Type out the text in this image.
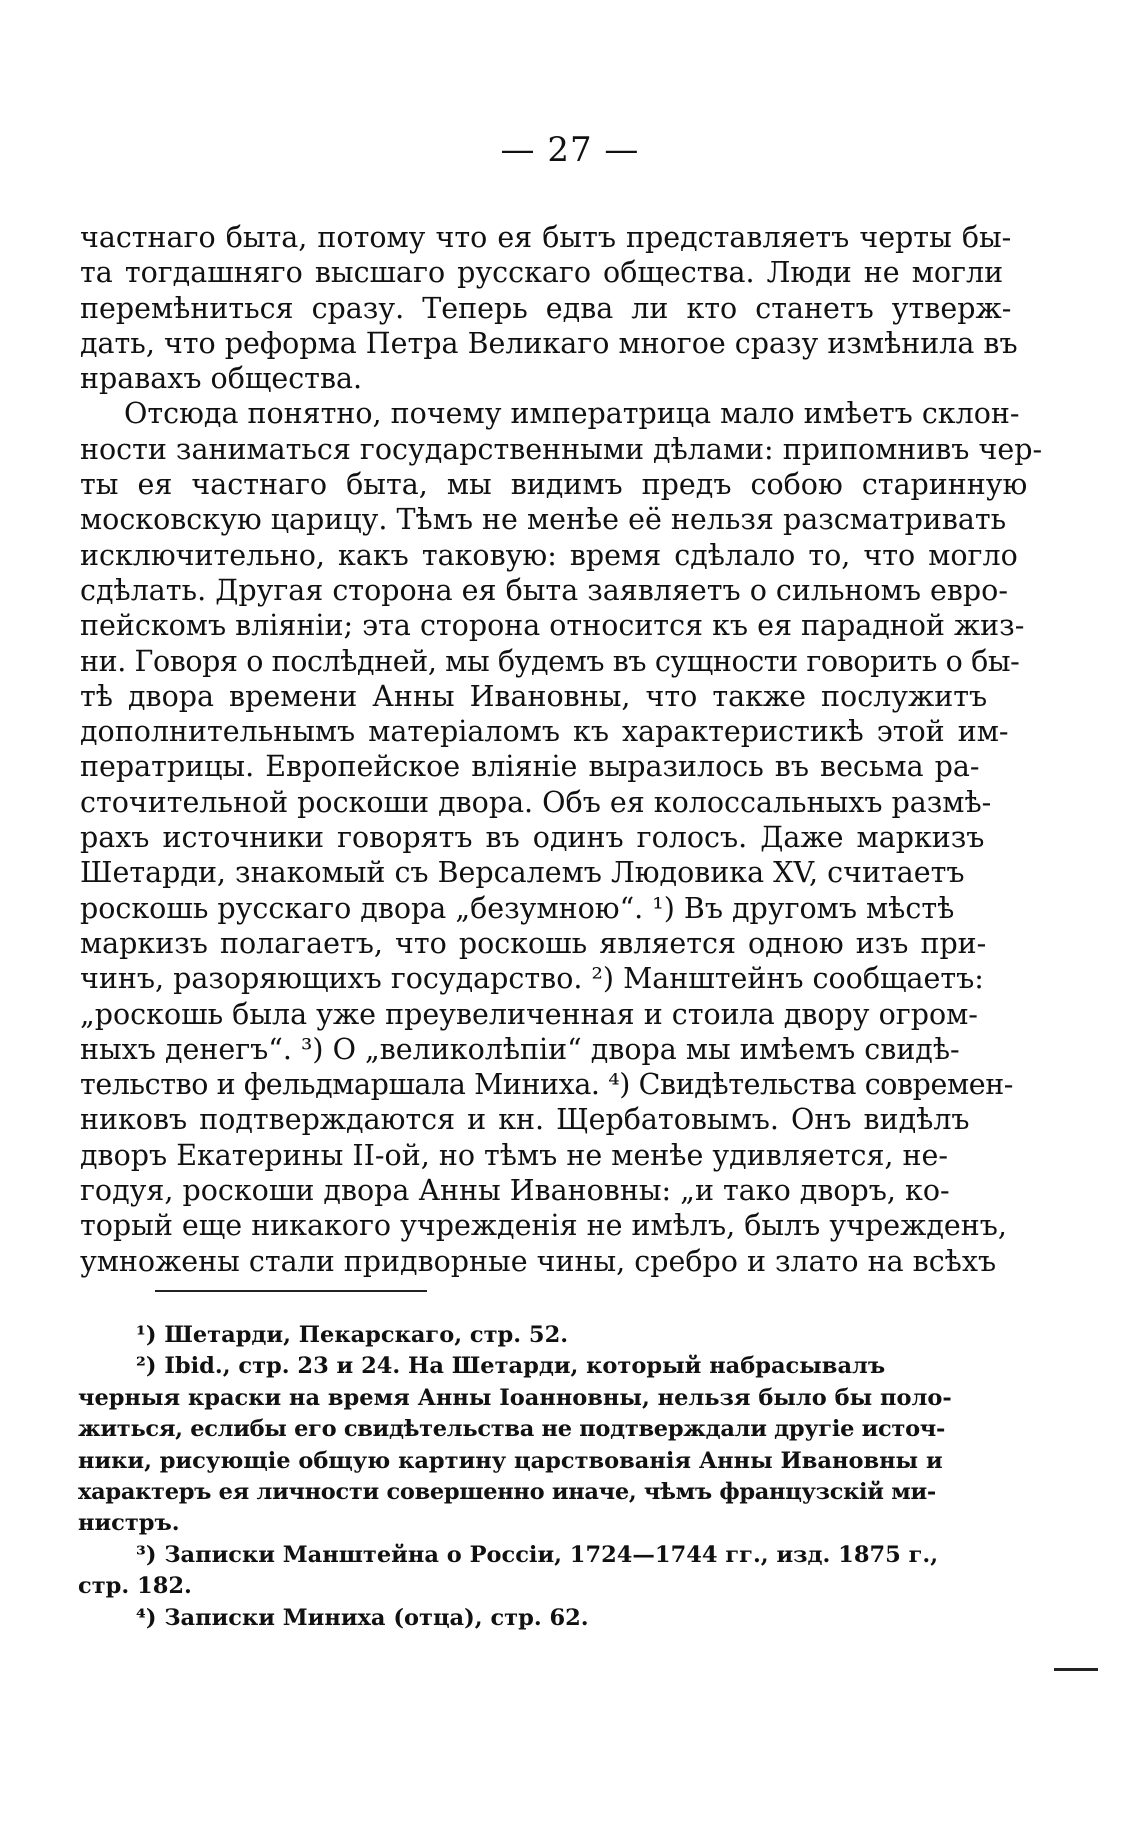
— 27 —
частнаго быта, потому что ея бытъ представляетъ черты бы-
та тогдашняго высшаго русскаго общества. Люди не могли
перемѣниться сразу. Теперь едва ли кто станетъ утверж-
дать, что реформа Петра Великаго многое сразу измѣнила въ
нравахъ общества.
Отсюда понятно, почему императрица мало имѣетъ склон-
ности заниматься государственными дѣлами: припомнивъ чер-
ты ея частнаго быта, мы видимъ предъ собою старинную
московскую царицу. Тѣмъ не менѣе её нельзя разсматривать
исключительно, какъ таковую: время сдѣлало то, что могло
сдѣлать. Другая сторона ея быта заявляетъ о сильномъ евро-
пейскомъ вліяніи; эта сторона относится къ ея парадной жиз-
ни. Говоря о послѣдней, мы будемъ въ сущности говорить о бы-
тѣ двора времени Анны Ивановны, что также послужитъ
дополнительнымъ матеріаломъ къ характеристикѣ этой им-
ператрицы. Европейское вліяніе выразилось въ весьма ра-
сточительной роскоши двора. Объ ея колоссальныхъ размѣ-
рахъ источники говорятъ въ одинъ голосъ. Даже маркизъ
Шетарди, знакомый съ Версалемъ Людовика XV, считаетъ
роскошь русскаго двора „безумною“. ¹) Въ другомъ мѣстѣ
маркизъ полагаетъ, что роскошь является одною изъ при-
чинъ, разоряющихъ государство. ²) Манштейнъ сообщаетъ:
„роскошь была уже преувеличенная и стоила двору огром-
ныхъ денегъ“. ³) О „великолѣпіи“ двора мы имѣемъ свидѣ-
тельство и фельдмаршала Миниха. ⁴) Свидѣтельства современ-
никовъ подтверждаются и кн. Щербатовымъ. Онъ видѣлъ
дворъ Екатерины II-ой, но тѣмъ не менѣе удивляется, не-
годуя, роскоши двора Анны Ивановны: „и тако дворъ, ко-
торый еще никакого учрежденія не имѣлъ, былъ учрежденъ,
умножены стали придворные чины, сребро и злато на всѣхъ
¹) Шетарди, Пекарскаго, стр. 52.
²) Ibid., стр. 23 и 24. На Шетарди, который набрасывалъ
черныя краски на время Анны Іоанновны, нельзя было бы поло-
житься, еслибы его свидѣтельства не подтверждали другіе источ-
ники, рисующіе общую картину царствованія Анны Ивановны и
характеръ ея личности совершенно иначе, чѣмъ французскій ми-
нистръ.
³) Записки Манштейна о Россіи, 1724—1744 гг., изд. 1875 г.,
стр. 182.
⁴) Записки Миниха (отца), стр. 62.
